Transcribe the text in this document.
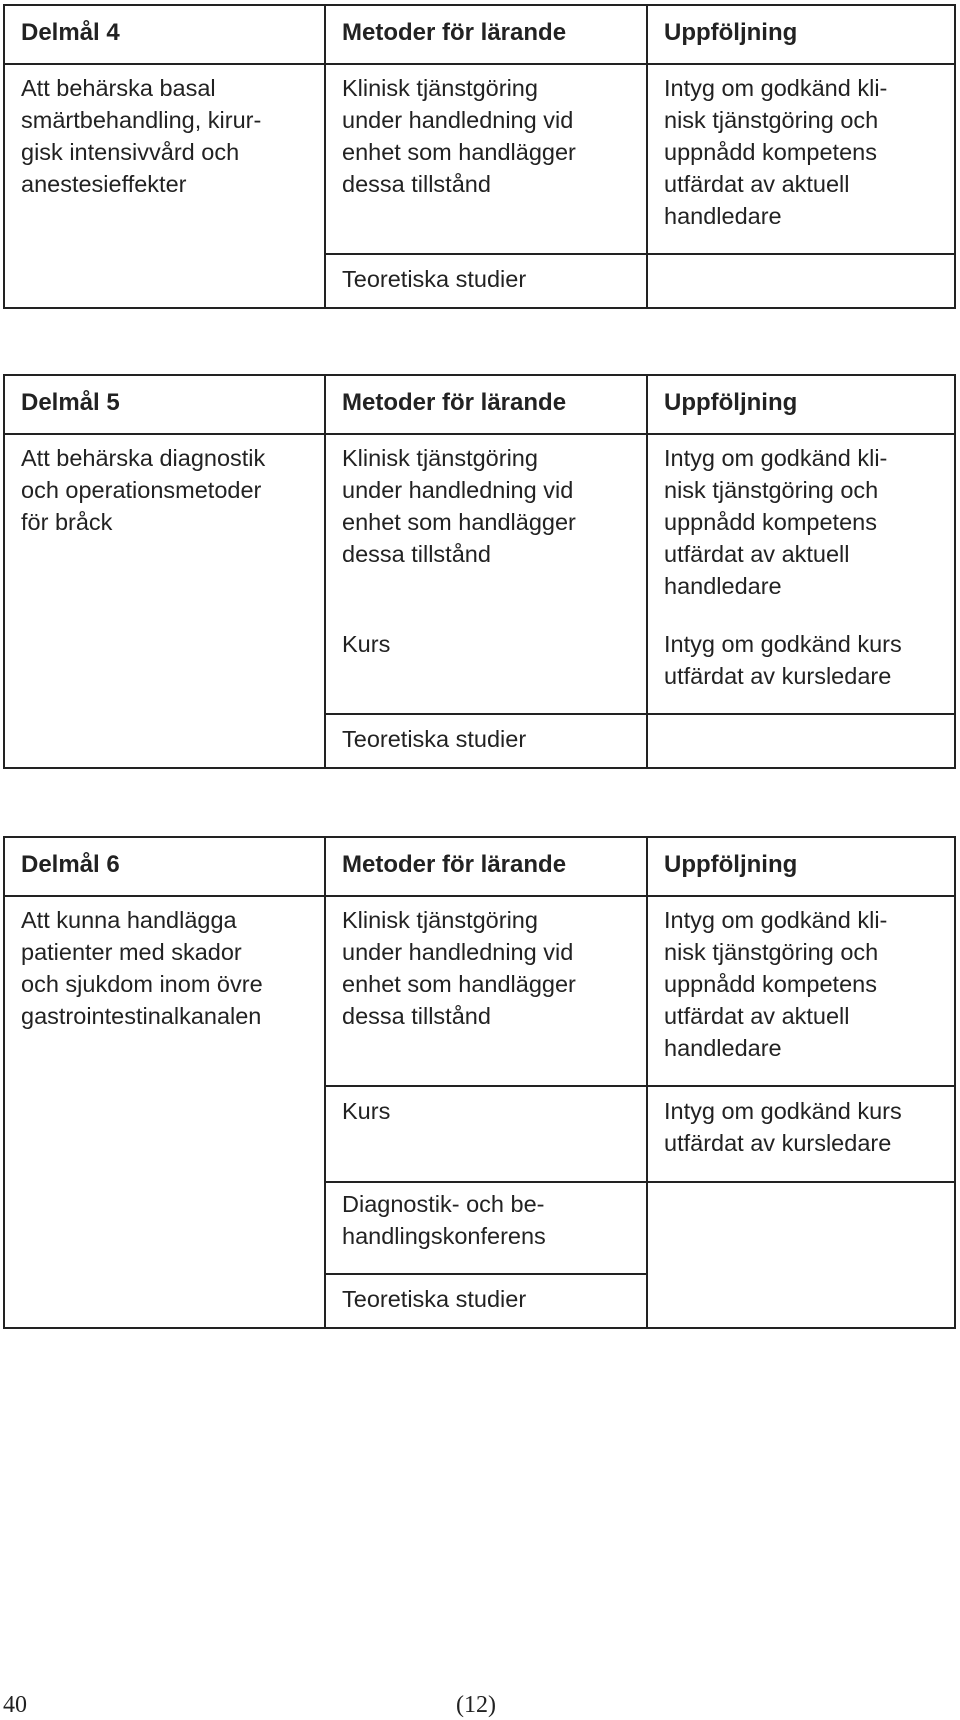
Delmål 4
Att behärska basal
smärtbehandling, kirur-
gisk intensivvård och
anestesieffekter
Metoder för lärande
Klinisk tjänstgöring
under handledning vid
enhet som handlägger
dessa tillstånd
Teoretiska studier
Uppföljning
Intyg om godkänd kli-
nisk tjänstgöring och
uppnådd kompetens
utfärdat av aktuell
handledare
Delmål 5
Att behärska diagnostik
och operationsmetoder
för bråck
Metoder för lärande
Klinisk tjänstgöring
under handledning vid
enhet som handlägger
dessa tillstånd
Kurs
Teoretiska studier
Uppföljning
Intyg om godkänd kli-
nisk tjänstgöring och
uppnådd kompetens
utfärdat av aktuell
handledare
Intyg om godkänd kurs
utfärdat av kursledare
Delmål 6
Att kunna handlägga
patienter med skador
och sjukdom inom övre
gastrointestinalkanalen
Metoder för lärande
Klinisk tjänstgöring
under handledning vid
enhet som handlägger
dessa tillstånd
Kurs
Diagnostik- och be-
handlingskonferens
Teoretiska studier
Uppföljning
Intyg om godkänd kli-
nisk tjänstgöring och
uppnådd kompetens
utfärdat av aktuell
handledare
Intyg om godkänd kurs
utfärdat av kursledare
40	(12)
